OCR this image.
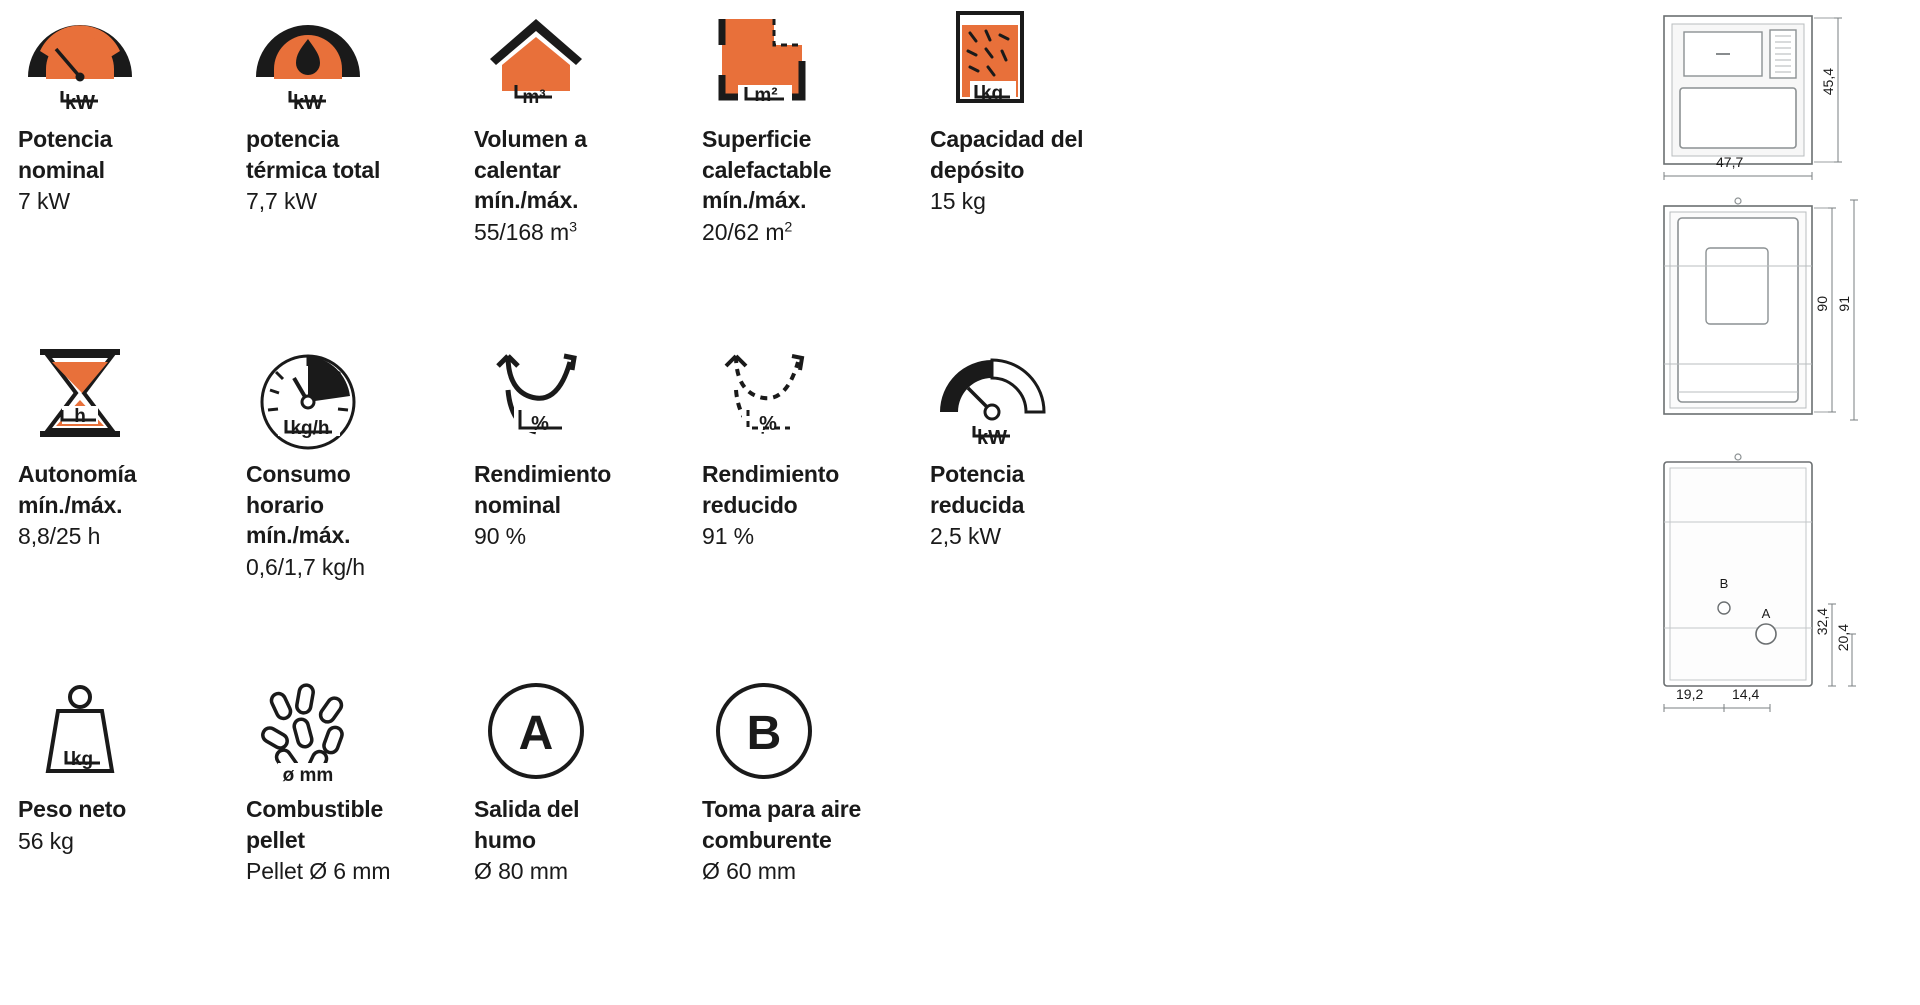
kW
Potencia
nominal
7 kW
kW
potencia
térmica total
7,7 kW
m³
Volumen a
calentar
mín./máx.
55/168 $m^3$
m²
Superficie
calefactable
mín./máx.
20/62 $m^2$
kg
Capacidad del
depósito
15 kg
h
Autonomía
mín./máx.
8,8/25 h
kg/h
Consumo
horario
mín./máx.
0,6/1,7 kg/h
%
Rendimiento
nominal
90 %
%
Rendimiento
reducido
91 %
kW
Potencia
reducida
2,5 kW
kg
Peso neto
56 kg
ø mm
Combustible
pellet
Pellet Ø 6 mm
A
Salida del
humo
Ø 80 mm
B
Toma para aire
comburente
Ø 60 mm
45,4
47,7
90 91
B
A	32,4
20,4
19,2 14,4
